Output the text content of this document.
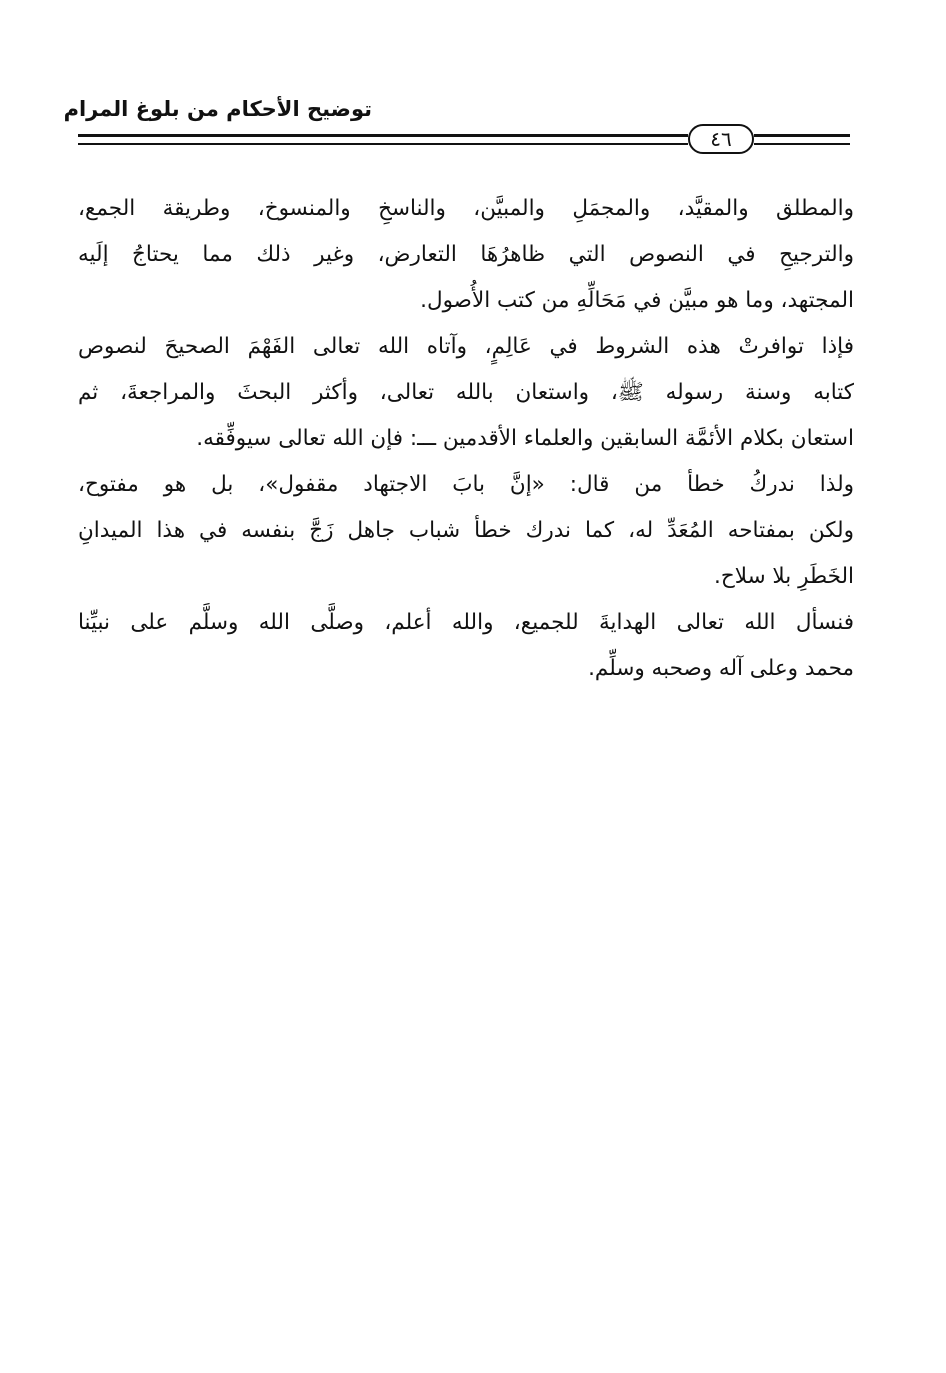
توضيح الأحكام من بلوغ المرام
٤٦
والمطلق والمقيَّد، والمجمَلِ والمبيَّن، والناسخِ والمنسوخ، وطريقة الجمع،
والترجيحِ في النصوص التي ظاهرُهَا التعارض، وغير ذلك مما يحتاجُ إلَيه
المجتهد، وما هو مبيَّن في مَحَالِّهِ من كتب الأُصول.
فإذا توافرتْ هذه الشروط في عَالِمٍ، وآتاه الله تعالى الفَهْمَ الصحيحَ لنصوص
كتابه وسنة رسوله ﷺ، واستعان بالله تعالى، وأكثر البحثَ والمراجعةَ، ثم
استعان بكلام الأئمَّة السابقين والعلماء الأقدمين ـــ: فإن الله تعالى سيوفِّقه.
ولذا ندركُ خطأ من قال: «إنَّ بابَ الاجتهاد مقفول»، بل هو مفتوح،
ولكن بمفتاحه المُعَدِّ له، كما ندرك خطأ شباب جاهل زَجَّ بنفسه في هذا الميدانِ
الخَطَرِ بلا سلاح.
فنسأل الله تعالى الهدايةَ للجميع، والله أعلم، وصلَّى الله وسلَّم على نبيِّنا
محمد وعلى آله وصحبه وسلِّم.
